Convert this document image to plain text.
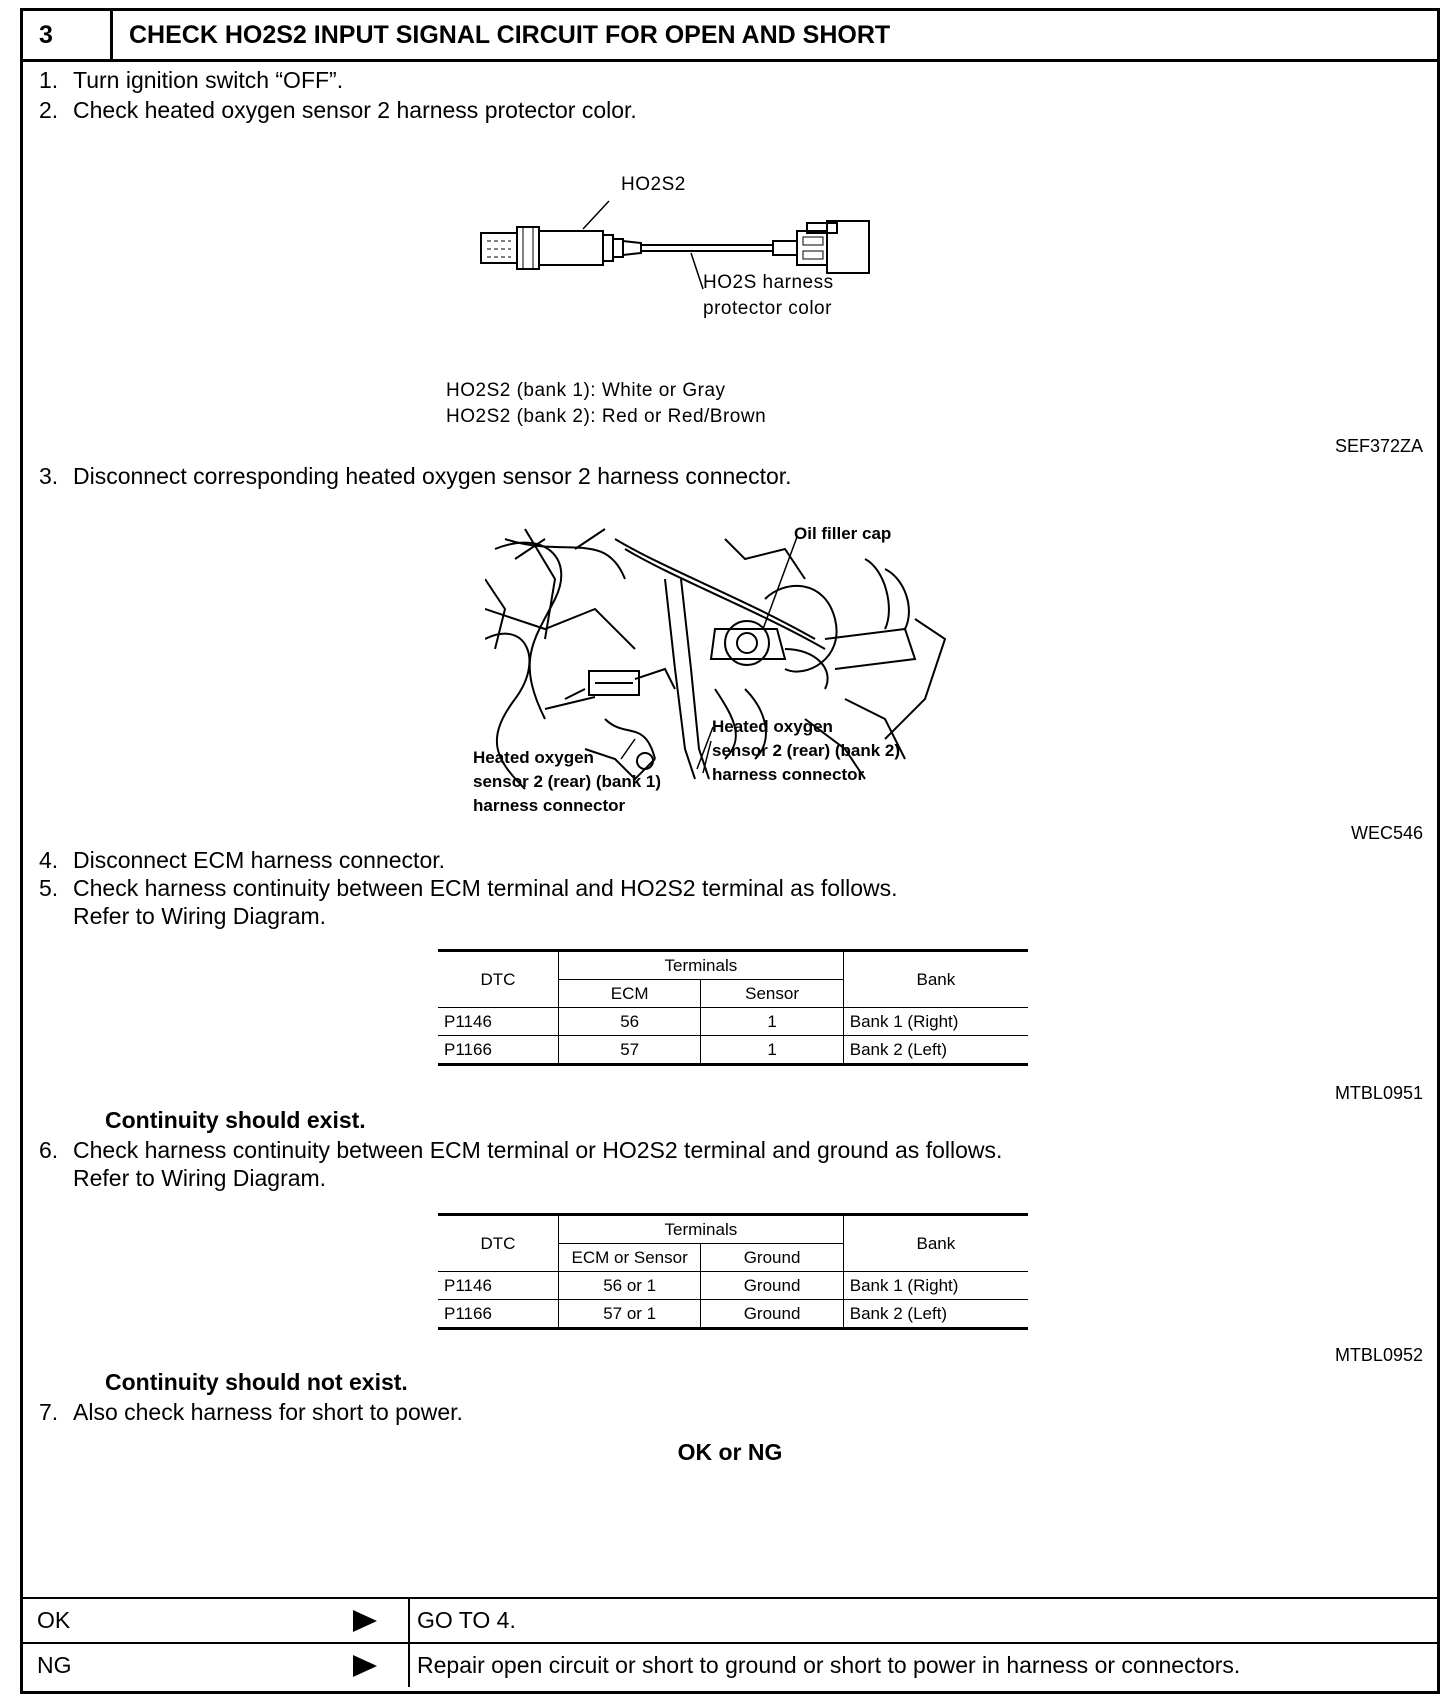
3	CHECK HO2S2 INPUT SIGNAL CIRCUIT FOR OPEN AND SHORT
1. Turn ignition switch “OFF”.
2. Check heated oxygen sensor 2 harness protector color.
HO2S2
HO2S harness
protector color
HO2S2 (bank 1): White or Gray
HO2S2 (bank 2): Red or Red/Brown
SEF372ZA
3. Disconnect corresponding heated oxygen sensor 2 harness connector.
Oil filler cap
Heated oxygen
sensor 2 (rear) (bank 2)
harness connector
Heated oxygen
sensor 2 (rear) (bank 1)
harness connector
WEC546
4. Disconnect ECM harness connector.
5. Check harness continuity between ECM terminal and HO2S2 terminal as follows.
Refer to Wiring Diagram.
DTC	Terminals		Bank
	ECM	Sensor	
P1146	56	1	Bank 1 (Right)
P1166	57	1	Bank 2 (Left)
MTBL0951
Continuity should exist.
6. Check harness continuity between ECM terminal or HO2S2 terminal and ground as follows.
Refer to Wiring Diagram.
DTC	Terminals		Bank
	ECM or Sensor	Ground	
P1146	56 or 1	Ground	Bank 1 (Right)
P1166	57 or 1	Ground	Bank 2 (Left)
MTBL0952
Continuity should not exist.
7. Also check harness for short to power.
OK or NG
OK	GO TO 4.
NG	Repair open circuit or short to ground or short to power in harness or connectors.
